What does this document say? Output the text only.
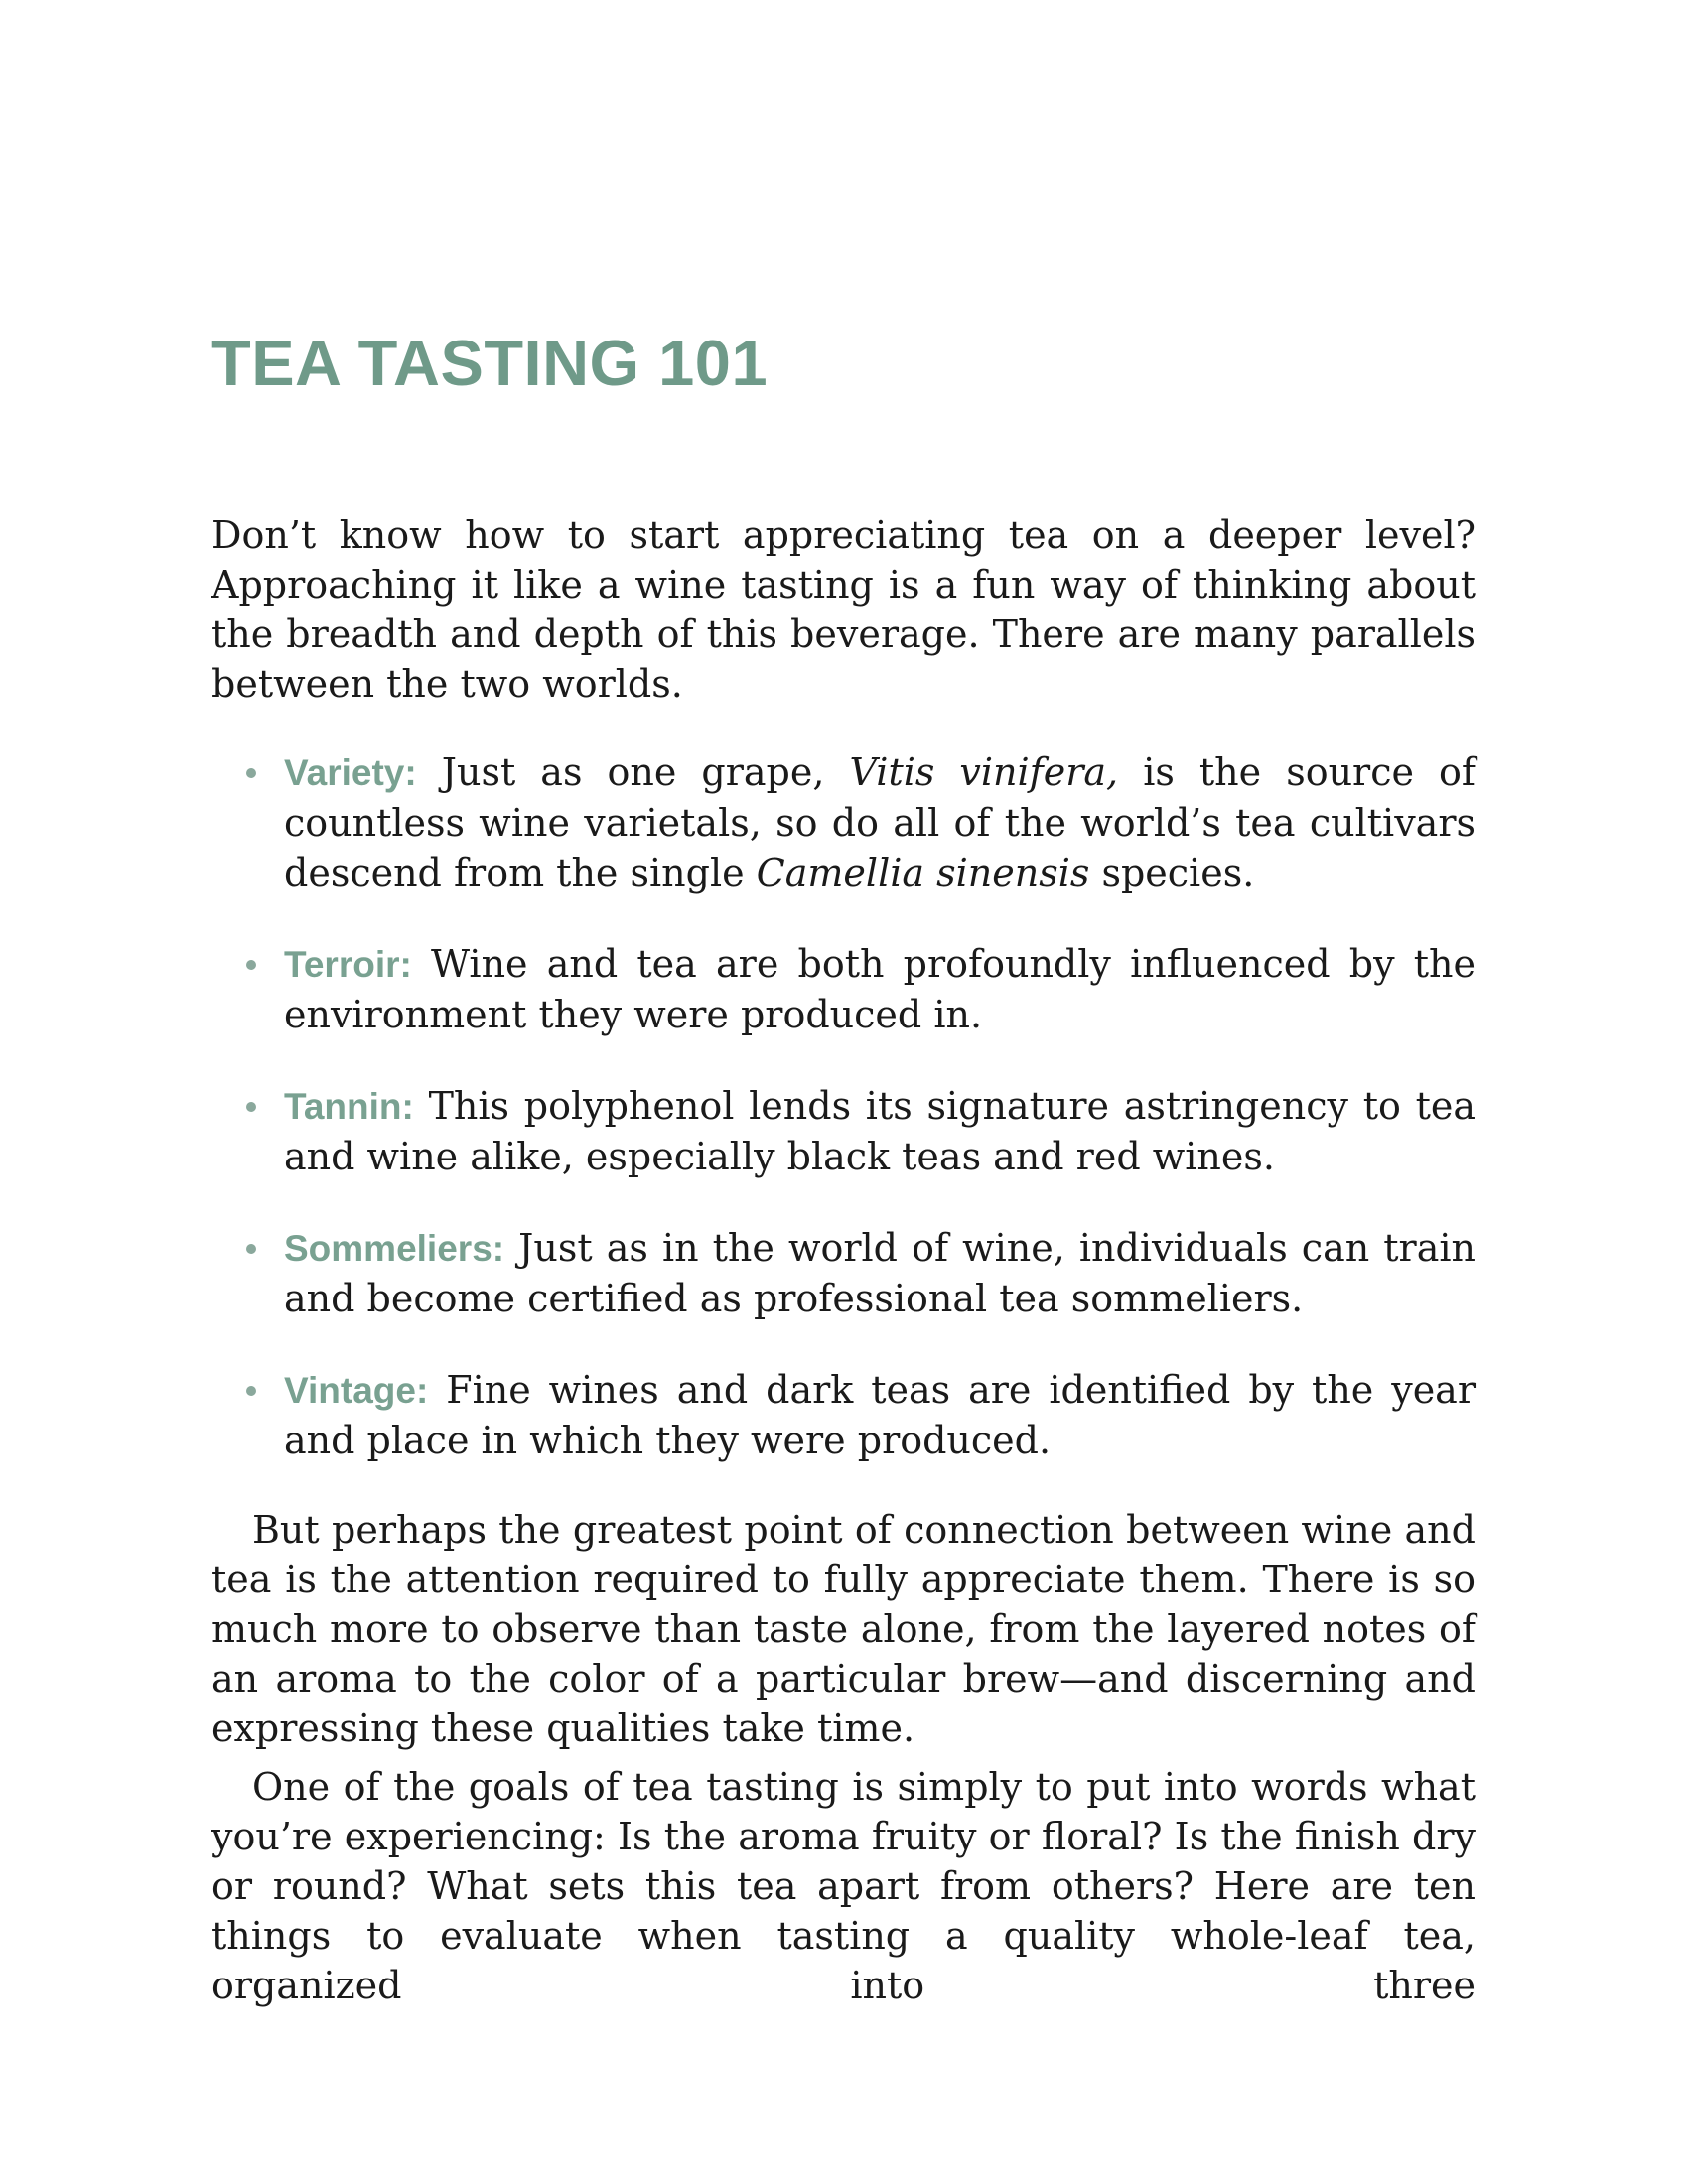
TEA TASTING 101

Don’t know how to start appreciating tea on a deeper level? Approaching it like a wine tasting is a fun way of thinking about the breadth and depth of this beverage. There are many parallels between the two worlds.

Variety: Just as one grape, Vitis vinifera, is the source of countless wine varietals, so do all of the world’s tea cultivars descend from the single Camellia sinensis species.
Terroir: Wine and tea are both profoundly influenced by the environment they were produced in.
Tannin: This polyphenol lends its signature astringency to tea and wine alike, especially black teas and red wines.
Sommeliers: Just as in the world of wine, individuals can train and become certified as professional tea sommeliers.
Vintage: Fine wines and dark teas are identified by the year and place in which they were produced.

But perhaps the greatest point of connection between wine and tea is the attention required to fully appreciate them. There is so much more to observe than taste alone, from the layered notes of an aroma to the color of a particular brew—and discerning and expressing these qualities take time.

One of the goals of tea tasting is simply to put into words what you’re experiencing: Is the aroma fruity or floral? Is the finish dry or round? What sets this tea apart from others? Here are ten things to evaluate when tasting a quality whole-leaf tea, organized into three
